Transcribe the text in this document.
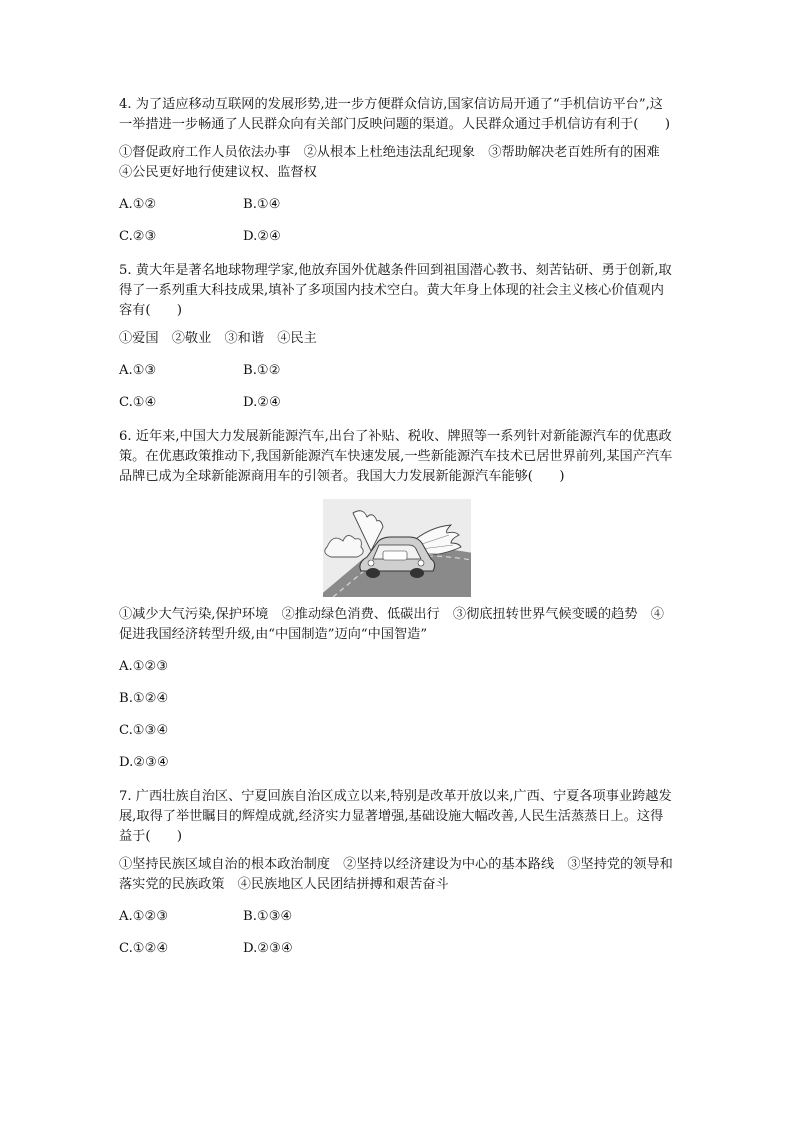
4. 为了适应移动互联网的发展形势,进一步方便群众信访,国家信访局开通了“手机信访平台”,这一举措进一步畅通了人民群众向有关部门反映问题的渠道。人民群众通过手机信访有利于(　　)

①督促政府工作人员依法办事　②从根本上杜绝违法乱纪现象　③帮助解决老百姓所有的困难　④公民更好地行使建议权、监督权

A.①②	B.①④
C.②③	D.②④

5. 黄大年是著名地球物理学家,他放弃国外优越条件回到祖国潜心教书、刻苦钻研、勇于创新,取得了一系列重大科技成果,填补了多项国内技术空白。黄大年身上体现的社会主义核心价值观内容有(　　)

①爱国　②敬业　③和谐　④民主

A.①③	B.①②
C.①④	D.②④

6. 近年来,中国大力发展新能源汽车,出台了补贴、税收、牌照等一系列针对新能源汽车的优惠政策。在优惠政策推动下,我国新能源汽车快速发展,一些新能源汽车技术已居世界前列,某国产汽车品牌已成为全球新能源商用车的引领者。我国大力发展新能源汽车能够(　　)

①减少大气污染,保护环境　②推动绿色消费、低碳出行　③彻底扭转世界气候变暖的趋势　④促进我国经济转型升级,由“中国制造”迈向“中国智造”

A.①②③
B.①②④
C.①③④
D.②③④

7. 广西壮族自治区、宁夏回族自治区成立以来,特别是改革开放以来,广西、宁夏各项事业跨越发展,取得了举世瞩目的辉煌成就,经济实力显著增强,基础设施大幅改善,人民生活蒸蒸日上。这得益于(　　)

①坚持民族区域自治的根本政治制度　②坚持以经济建设为中心的基本路线　③坚持党的领导和落实党的民族政策　④民族地区人民团结拼搏和艰苦奋斗

A.①②③	B.①③④
C.①②④	D.②③④
